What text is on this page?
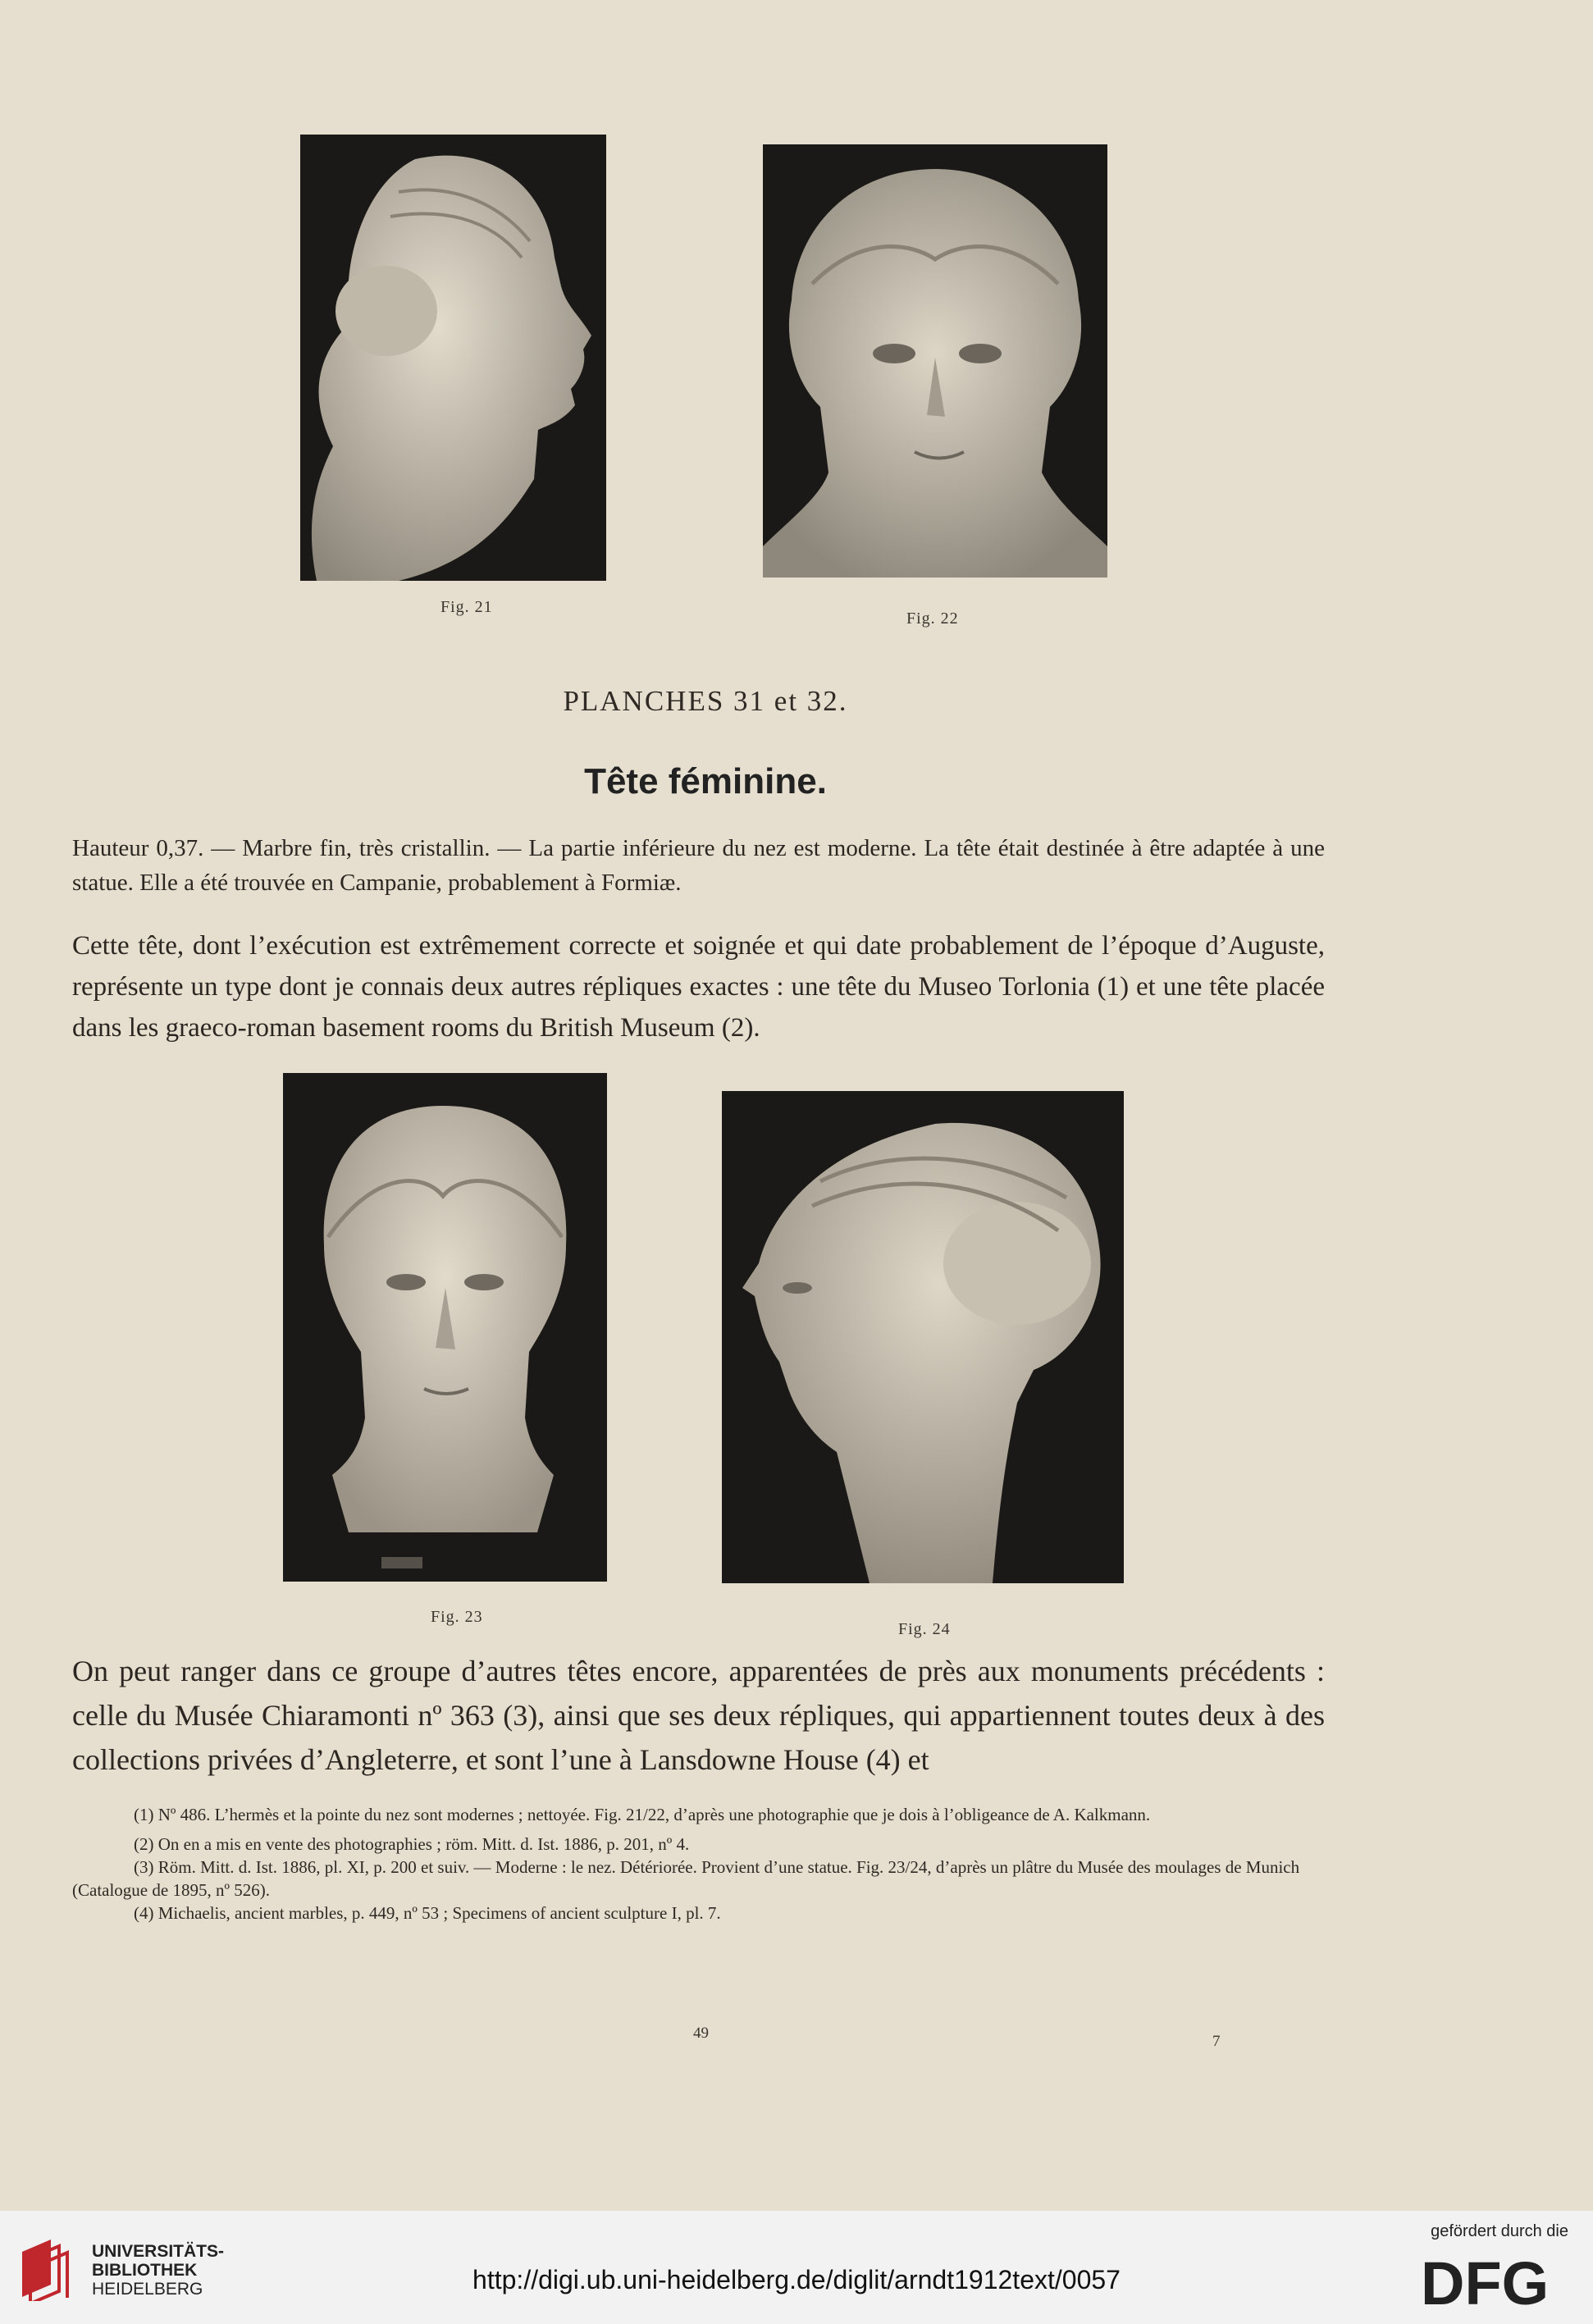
Fig. 21
Fig. 22
PLANCHES 31 et 32.
Tête féminine.
Hauteur 0,37. — Marbre fin, très cristallin. — La partie inférieure du nez est moderne. La tête était destinée à être adaptée à une statue. Elle a été trouvée en Campanie, probablement à Formiæ.
Cette tête, dont l’exécution est extrêmement correcte et soignée et qui date probablement de l’époque d’Auguste, représente un type dont je connais deux autres répliques exactes : une tête du Museo Torlonia (1) et une tête placée dans les graeco-roman basement rooms du British Museum (2).
Fig. 23
Fig. 24
On peut ranger dans ce groupe d’autres têtes encore, apparentées de près aux monuments précédents : celle du Musée Chiaramonti nº 363 (3), ainsi que ses deux répliques, qui appartiennent toutes deux à des collections privées d’Angleterre, et sont l’une à Lansdowne House (4) et

(1) Nº 486. L’hermès et la pointe du nez sont modernes ; nettoyée. Fig. 21/22, d’après une photographie que je dois à l’obligeance de A. Kalkmann.

(2) On en a mis en vente des photographies ; röm. Mitt. d. Ist. 1886, p. 201, nº 4.

(3) Röm. Mitt. d. Ist. 1886, pl. XI, p. 200 et suiv. — Moderne : le nez. Détériorée. Provient d’une statue. Fig. 23/24, d’après un plâtre du Musée des moulages de Munich (Catalogue de 1895, nº 526).

(4) Michaelis, ancient marbles, p. 449, nº 53 ; Specimens of ancient sculpture I, pl. 7.

49	7
UNIVERSITÄTS-
BIBLIOTHEK
HEIDELBERG	http://digi.ub.uni-heidelberg.de/diglit/arndt1912text/0057
gefördert durch die
DFG
